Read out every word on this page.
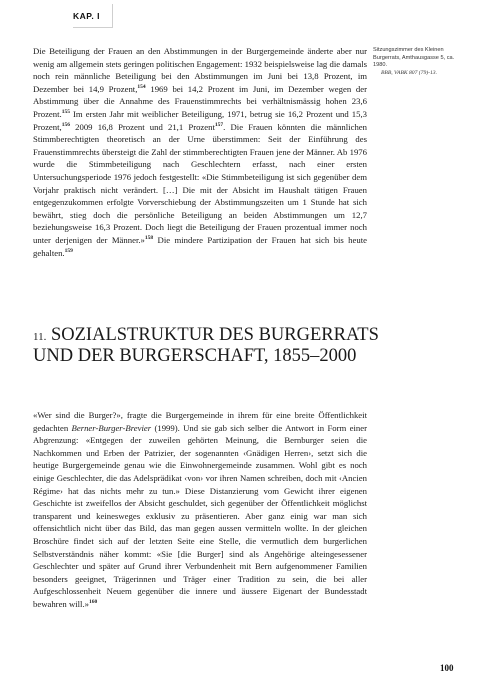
KAP. I

Die Beteiligung der Frauen an den Abstimmungen in der Burgergemeinde änderte aber nur wenig am allgemein stets geringen politischen Engagement: 1932 beispielsweise lag die damals noch rein männliche Beteiligung bei den Abstimmungen im Juni bei 13,8 Prozent, im Dezember bei 14,9 Prozent,$^{154}$ 1969 bei 14,2 Prozent im Juni, im Dezember wegen der Abstimmung über die Annahme des Frauenstimmrechts bei verhältnismässig hohen 23,6 Prozent.$^{155}$ Im ersten Jahr mit weiblicher Beteiligung, 1971, betrug sie 16,2 Prozent und 15,3 Prozent,$^{156}$ 2009 16,8 Prozent und 21,1 Prozent$^{157}$. Die Frauen könnten die männlichen Stimmberechtigten theoretisch an der Urne überstimmen: Seit der Einführung des Frauenstimmrechts übersteigt die Zahl der stimmberechtigten Frauen jene der Männer. Ab 1976 wurde die Stimmbeteiligung nach Geschlechtern erfasst, nach einer ersten Untersuchungsperiode 1976 jedoch festgestellt: «Die Stimmbeteiligung ist sich gegenüber dem Vorjahr praktisch nicht verändert. […] Die mit der Absicht im Haushalt tätigen Frauen entgegenzukommen erfolgte Vorverschiebung der Abstimmungszeiten um 1 Stunde hat sich bewährt, stieg doch die persönliche Beteiligung an beiden Abstimmungen um 12,7 beziehungsweise 16,3 Prozent. Doch liegt die Beteiligung der Frauen prozentual immer noch unter derjenigen der Männer.»$^{158}$ Die mindere Partizipation der Frauen hat sich bis heute gehalten.$^{159}$

Sitzungszimmer des Kleinen Burgerrats, Amthausgasse 5, ca. 1980.
BBB, VABK 807 (79)-13.
11. SOZIALSTRUKTUR DES BURGERRATS UND DER BURGERSCHAFT, 1855–2000

«Wer sind die Burger?», fragte die Burgergemeinde in ihrem für eine breite Öffentlichkeit gedachten Berner-Burger-Brevier (1999). Und sie gab sich selber die Antwort in Form einer Abgrenzung: «Entgegen der zuweilen gehörten Meinung, die Bernburger seien die Nachkommen und Erben der Patrizier, der sogenannten ‹Gnädigen Herren›, setzt sich die heutige Burgergemeinde genau wie die Einwohnergemeinde zusammen. Wohl gibt es noch einige Geschlechter, die das Adelsprädikat ‹von› vor ihren Namen schreiben, doch mit ‹Ancien Régime› hat das nichts mehr zu tun.» Diese Distanzierung vom Gewicht ihrer eigenen Geschichte ist zweifellos der Absicht geschuldet, sich gegenüber der Öffentlichkeit möglichst transparent und keinesweges exklusiv zu präsentieren. Aber ganz einig war man sich offensichtlich nicht über das Bild, das man gegen aussen vermitteln wollte. In der gleichen Broschüre findet sich auf der letzten Seite eine Stelle, die vermutlich dem burgerlichen Selbstverständnis näher kommt: «Sie [die Burger] sind als Angehörige alteingesessener Geschlechter und später auf Grund ihrer Verbundenheit mit Bern aufgenommener Familien besonders geeignet, Trägerinnen und Träger einer Tradition zu sein, die bei aller Aufgeschlossenheit Neuem gegenüber die innere und äussere Eigenart der Bundesstadt bewahren will.»$^{160}$

100
